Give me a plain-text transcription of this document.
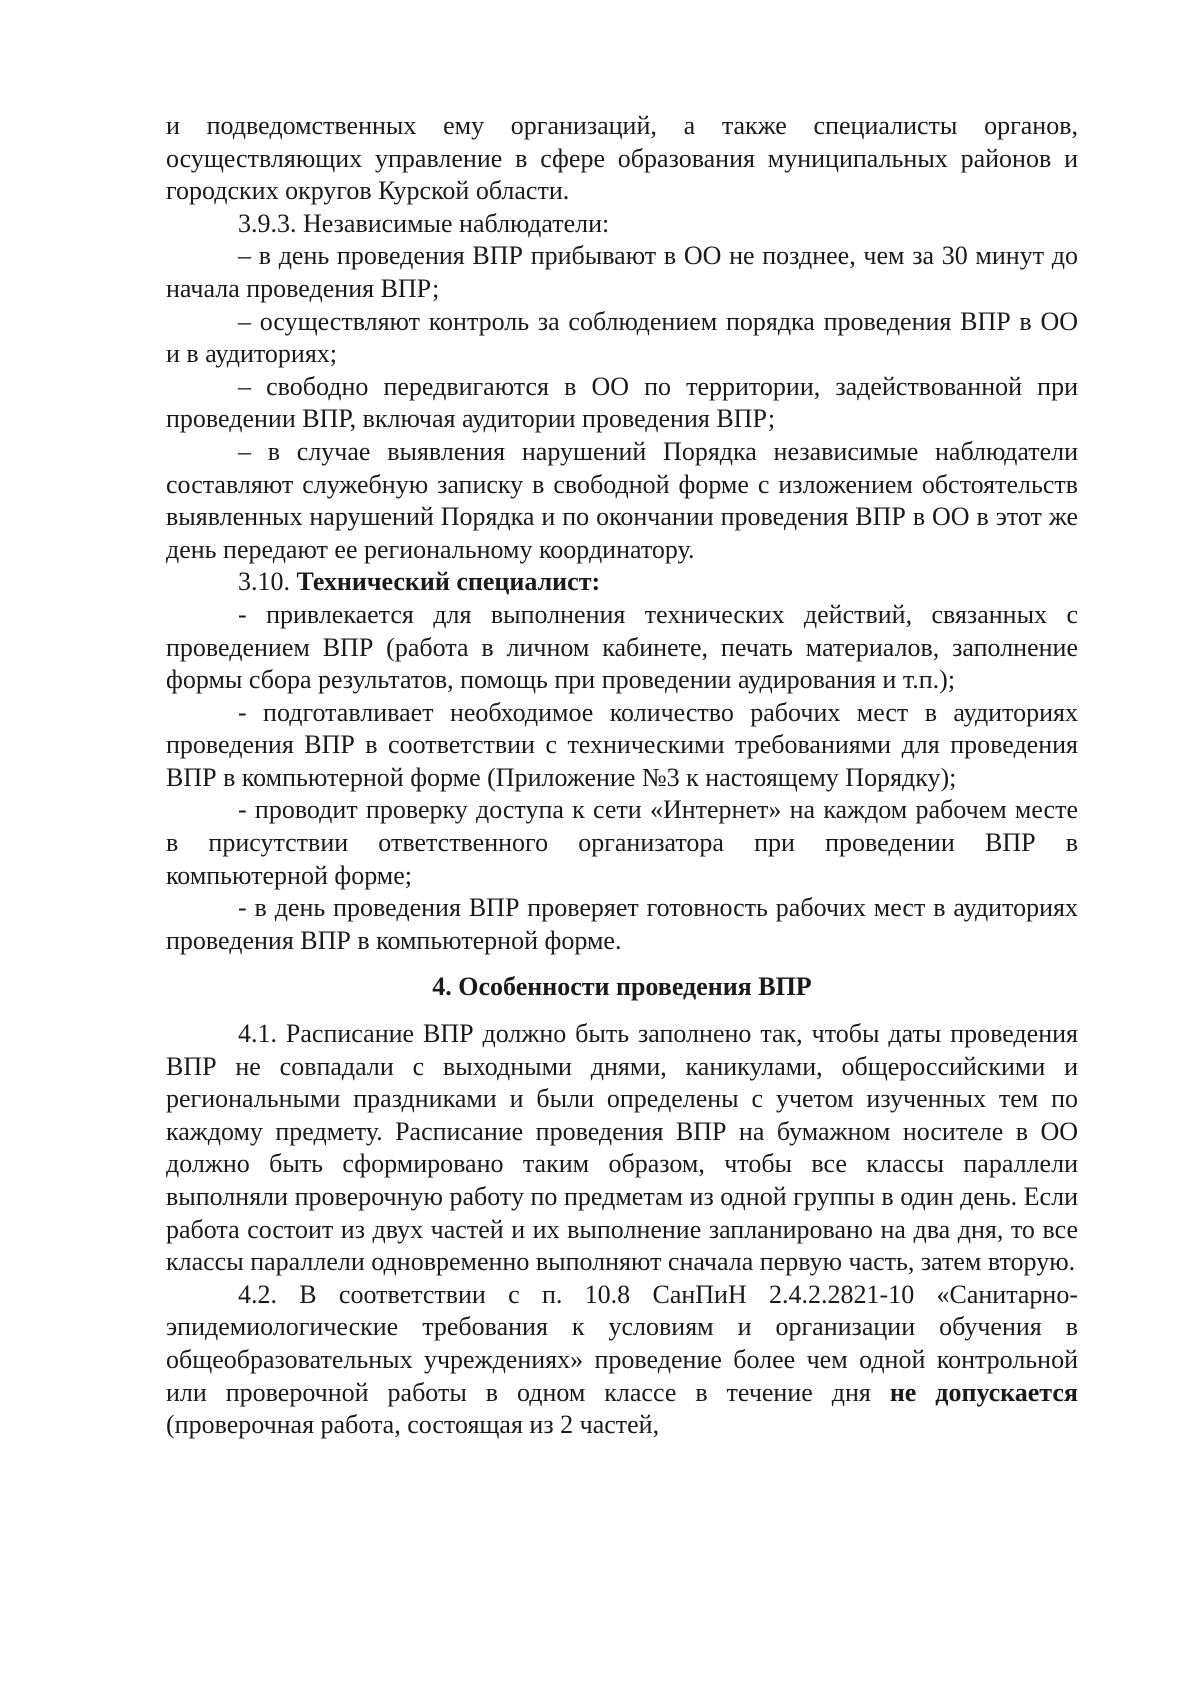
и подведомственных ему организаций, а также специалисты органов, осуществляющих управление в сфере образования муниципальных районов и городских округов Курской области.

3.9.3. Независимые наблюдатели:

– в день проведения ВПР прибывают в ОО не позднее, чем за 30 минут до начала проведения ВПР;

– осуществляют контроль за соблюдением порядка проведения ВПР в ОО и в аудиториях;

– свободно передвигаются в ОО по территории, задействованной при проведении ВПР, включая аудитории проведения ВПР;

– в случае выявления нарушений Порядка независимые наблюдатели составляют служебную записку в свободной форме с изложением обстоятельств выявленных нарушений Порядка и по окончании проведения ВПР в ОО в этот же день передают ее региональному координатору.

3.10. Технический специалист:

- привлекается для выполнения технических действий, связанных с проведением ВПР (работа в личном кабинете, печать материалов, заполнение формы сбора результатов, помощь при проведении аудирования и т.п.);

- подготавливает необходимое количество рабочих мест в аудиториях проведения ВПР в соответствии с техническими требованиями для проведения ВПР в компьютерной форме (Приложение №3 к настоящему Порядку);

- проводит проверку доступа к сети «Интернет» на каждом рабочем месте в присутствии ответственного организатора при проведении ВПР в компьютерной форме;

- в день проведения ВПР проверяет готовность рабочих мест в аудиториях проведения ВПР в компьютерной форме.

4. Особенности проведения ВПР

4.1. Расписание ВПР должно быть заполнено так, чтобы даты проведения ВПР не совпадали с выходными днями, каникулами, общероссийскими и региональными праздниками и были определены с учетом изученных тем по каждому предмету. Расписание проведения ВПР на бумажном носителе в ОО должно быть сформировано таким образом, чтобы все классы параллели выполняли проверочную работу по предметам из одной группы в один день. Если работа состоит из двух частей и их выполнение запланировано на два дня, то все классы параллели одновременно выполняют сначала первую часть, затем вторую.

4.2. В соответствии с п. 10.8 СанПиН 2.4.2.2821-10 «Санитарно-эпидемиологические требования к условиям и организации обучения в общеобразовательных учреждениях» проведение более чем одной контрольной или проверочной работы в одном классе в течение дня не допускается (проверочная работа, состоящая из 2 частей,
